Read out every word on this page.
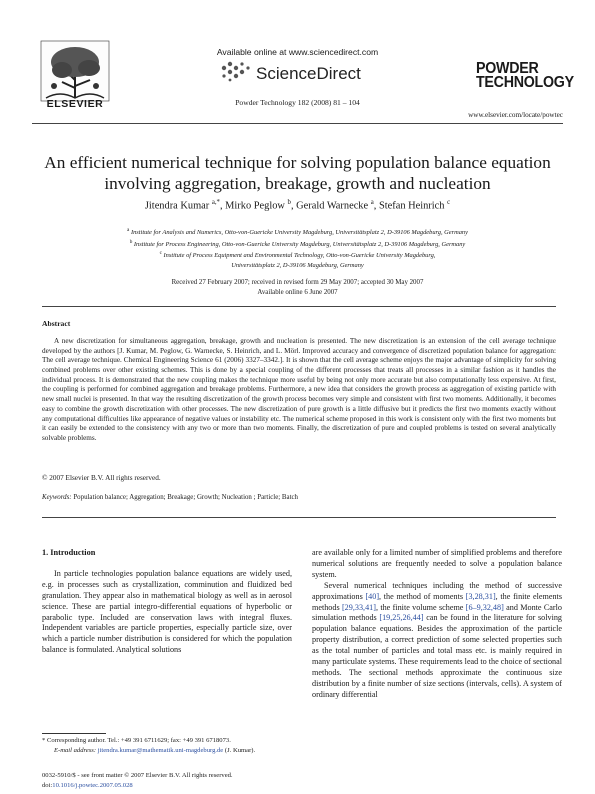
ELSEVIER
Available online at www.sciencedirect.com
ScienceDirect
Powder Technology 182 (2008) 81 – 104
POWDER
TECHNOLOGY
www.elsevier.com/locate/powtec
An efficient numerical technique for solving population balance equation involving aggregation, breakage, growth and nucleation
Jitendra Kumar $^{a,*}$, Mirko Peglow $^b$, Gerald Warnecke $^a$, Stefan Heinrich $^c$
$^a$ Institute for Analysis and Numerics, Otto-von-Guericke University Magdeburg, Universitätsplatz 2, D-39106 Magdeburg, Germany
$^b$ Institute for Process Engineering, Otto-von-Guericke University Magdeburg, Universitätsplatz 2, D-39106 Magdeburg, Germany
$^c$ Institute of Process Equipment and Environmental Technology, Otto-von-Guericke University Magdeburg, Universitätsplatz 2, D-39106 Magdeburg, Germany
Received 27 February 2007; received in revised form 29 May 2007; accepted 30 May 2007
Available online 6 June 2007
Abstract
A new discretization for simultaneous aggregation, breakage, growth and nucleation is presented. The new discretization is an extension of the cell average technique developed by the authors [J. Kumar, M. Peglow, G. Warnecke, S. Heinrich, and L. Mörl. Improved accuracy and convergence of discretized population balance for aggregation: The cell average technique. Chemical Engineering Science 61 (2006) 3327–3342.]. It is shown that the cell average scheme enjoys the major advantage of simplicity for solving combined problems over other existing schemes. This is done by a special coupling of the different processes that treats all processes in a similar fashion as it handles the individual process. It is demonstrated that the new coupling makes the technique more useful by being not only more accurate but also computationally less expensive. At first, the coupling is performed for combined aggregation and breakage problems. Furthermore, a new idea that considers the growth process as aggregation of existing particle with new small nuclei is presented. In that way the resulting discretization of the growth process becomes very simple and consistent with first two moments. Additionally, it becomes easy to combine the growth discretization with other processes. The new discretization of pure growth is a little diffusive but it predicts the first two moments exactly without any computational difficulties like appearance of negative values or instability etc. The numerical scheme proposed in this work is consistent only with the first two moments but it can easily be extended to the consistency with any two or more than two moments. Finally, the discretization of pure and coupled problems is tested on several analytically solvable problems.
© 2007 Elsevier B.V. All rights reserved.
Keywords: Population balance; Aggregation; Breakage; Growth; Nucleation ; Particle; Batch
1. Introduction

In particle technologies population balance equations are widely used, e.g. in processes such as crystallization, comminution and fluidized bed granulation. They appear also in mathematical biology as well as in aerosol science. These are partial integro-differential equations of hyperbolic or parabolic type. Included are conservation laws with integral fluxes. Independent variables are particle properties, especially particle size, over which a particle number distribution is considered for which the population balance is formulated. Analytical solutions

are available only for a limited number of simplified problems and therefore numerical solutions are frequently needed to solve a population balance system.

Several numerical techniques including the method of successive approximations [40], the method of moments [3,28,31], the finite elements methods [29,33,41], the finite volume scheme [6–9,32,48] and Monte Carlo simulation methods [19,25,26,44] can be found in the literature for solving population balance equations. Besides the approximation of the particle property distribution, a correct prediction of some selected properties such as the total number of particles and total mass etc. is mainly required in many particulate systems. These requirements lead to the choice of sectional methods. The sectional methods approximate the continuous size distribution by a finite number of size sections (intervals, cells). A system of ordinary differential

* Corresponding author. Tel.: +49 391 6711629; fax: +49 391 6718073.
E-mail address: jitendra.kumar@mathematik.uni-magdeburg.de (J. Kumar).
0032-5910/$ - see front matter © 2007 Elsevier B.V. All rights reserved.
doi:10.1016/j.powtec.2007.05.028
